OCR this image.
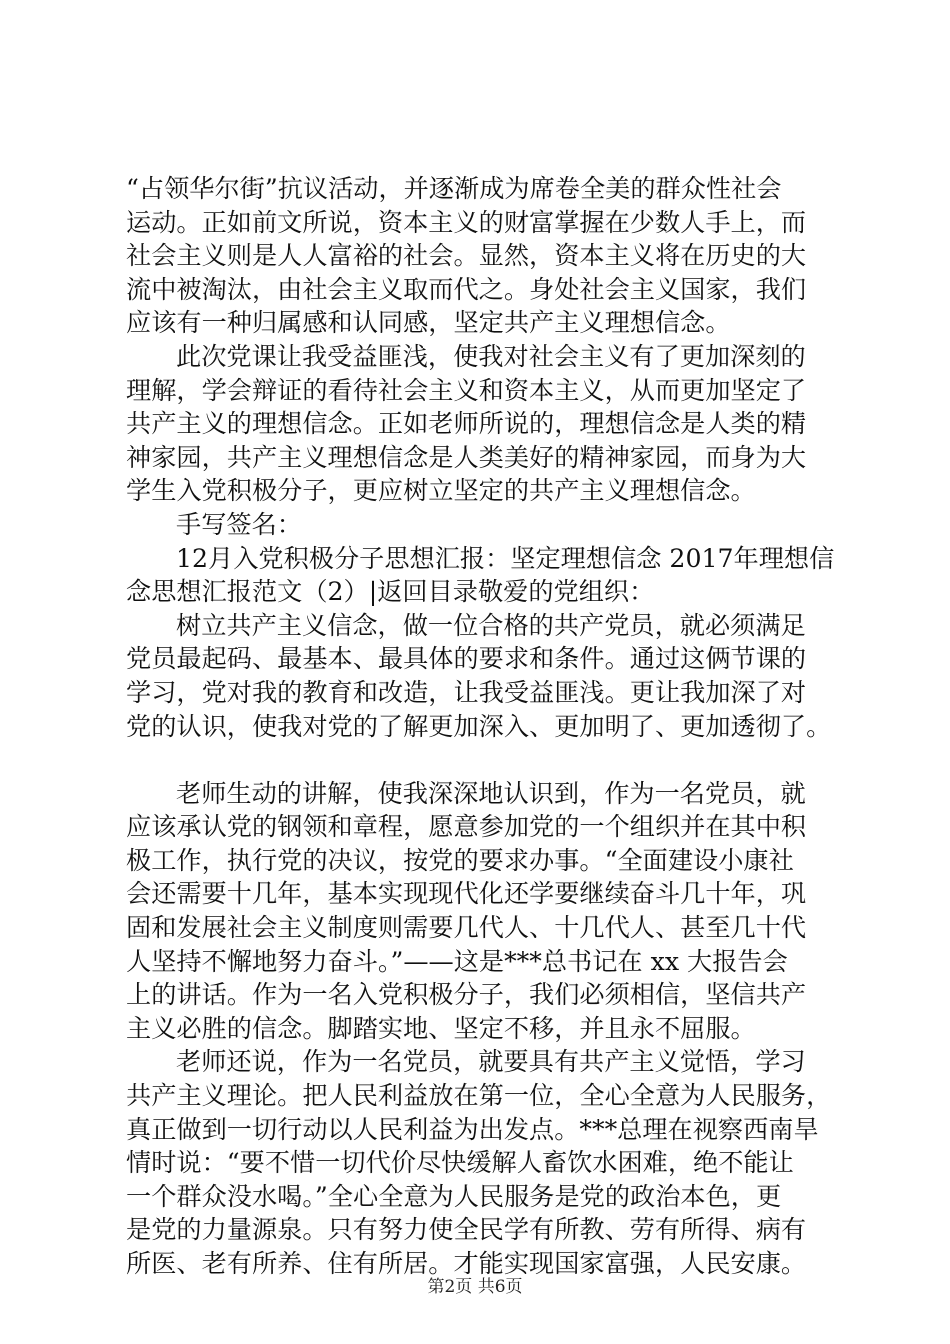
“占领华尔街”抗议活动，并逐渐成为席卷全美的群众性社会
运动。正如前文所说，资本主义的财富掌握在少数人手上，而
社会主义则是人人富裕的社会。显然，资本主义将在历史的大
流中被淘汰，由社会主义取而代之。身处社会主义国家，我们
应该有一种归属感和认同感，坚定共产主义理想信念。
此次党课让我受益匪浅，使我对社会主义有了更加深刻的
理解，学会辩证的看待社会主义和资本主义，从而更加坚定了
共产主义的理想信念。正如老师所说的，理想信念是人类的精
神家园，共产主义理想信念是人类美好的精神家园，而身为大
学生入党积极分子，更应树立坚定的共产主义理想信念。
手写签名：
12月入党积极分子思想汇报：坚定理想信念 2017年理想信
念思想汇报范文（2）|返回目录敬爱的党组织：
树立共产主义信念，做一位合格的共产党员，就必须满足
党员最起码、最基本、最具体的要求和条件。通过这俩节课的
学习，党对我的教育和改造，让我受益匪浅。更让我加深了对
党的认识，使我对党的了解更加深入、更加明了、更加透彻了。
老师生动的讲解，使我深深地认识到，作为一名党员，就
应该承认党的钢领和章程，愿意参加党的一个组织并在其中积
极工作，执行党的决议，按党的要求办事。“全面建设小康社
会还需要十几年，基本实现现代化还学要继续奋斗几十年，巩
固和发展社会主义制度则需要几代人、十几代人、甚至几十代
人坚持不懈地努力奋斗。”——这是***总书记在 xx 大报告会
上的讲话。作为一名入党积极分子，我们必须相信，坚信共产
主义必胜的信念。脚踏实地、坚定不移，并且永不屈服。
老师还说，作为一名党员，就要具有共产主义觉悟，学习
共产主义理论。把人民利益放在第一位，全心全意为人民服务，
真正做到一切行动以人民利益为出发点。***总理在视察西南旱
情时说：“要不惜一切代价尽快缓解人畜饮水困难，绝不能让
一个群众没水喝。”全心全意为人民服务是党的政治本色，更
是党的力量源泉。只有努力使全民学有所教、劳有所得、病有
所医、老有所养、住有所居。才能实现国家富强，人民安康。
第2页 共6页
